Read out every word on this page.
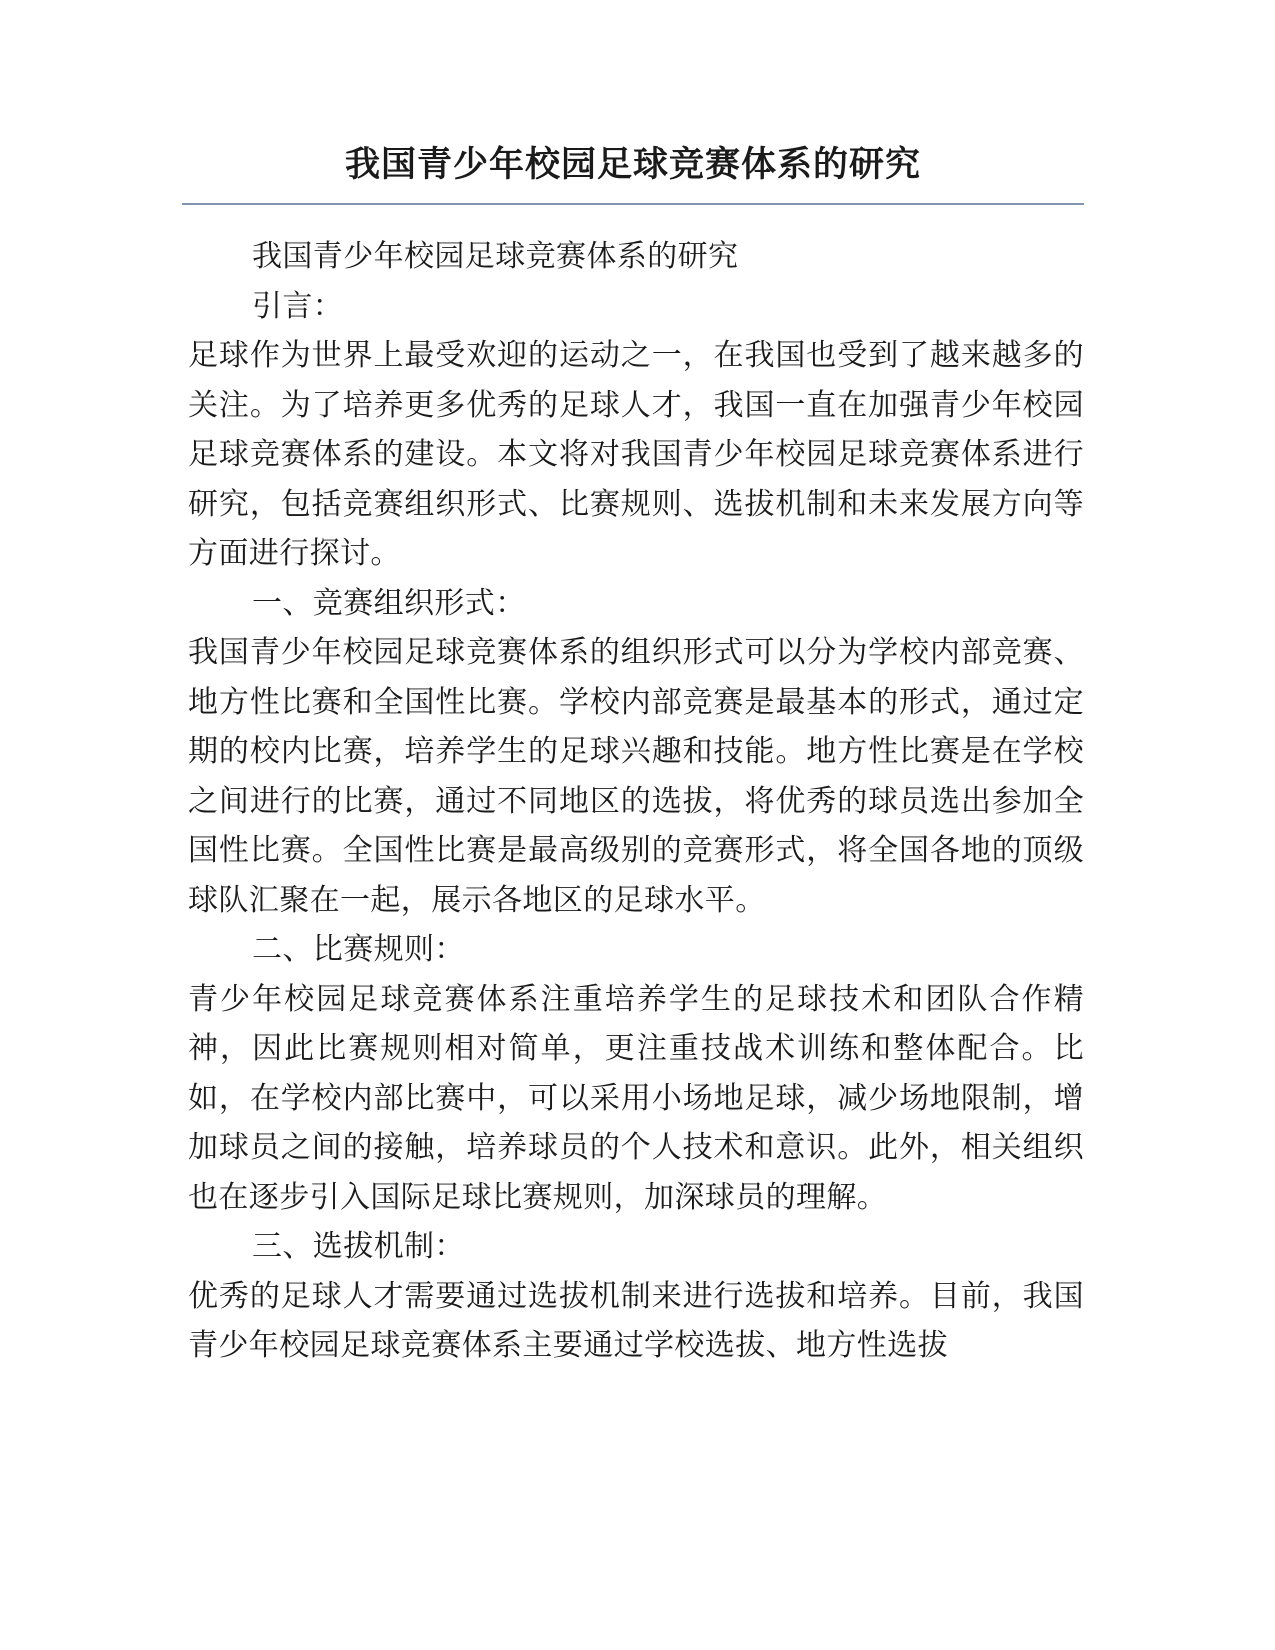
我国青少年校园足球竞赛体系的研究

我国青少年校园足球竞赛体系的研究

引言：

足球作为世界上最受欢迎的运动之一，在我国也受到了越来越多的关注。为了培养更多优秀的足球人才，我国一直在加强青少年校园足球竞赛体系的建设。本文将对我国青少年校园足球竞赛体系进行研究，包括竞赛组织形式、比赛规则、选拔机制和未来发展方向等方面进行探讨。

一、竞赛组织形式：

我国青少年校园足球竞赛体系的组织形式可以分为学校内部竞赛、地方性比赛和全国性比赛。学校内部竞赛是最基本的形式，通过定期的校内比赛，培养学生的足球兴趣和技能。地方性比赛是在学校之间进行的比赛，通过不同地区的选拔，将优秀的球员选出参加全国性比赛。全国性比赛是最高级别的竞赛形式，将全国各地的顶级球队汇聚在一起，展示各地区的足球水平。

二、比赛规则：

青少年校园足球竞赛体系注重培养学生的足球技术和团队合作精神，因此比赛规则相对简单，更注重技战术训练和整体配合。比如，在学校内部比赛中，可以采用小场地足球，减少场地限制，增加球员之间的接触，培养球员的个人技术和意识。此外，相关组织也在逐步引入国际足球比赛规则，加深球员的理解。

三、选拔机制：

优秀的足球人才需要通过选拔机制来进行选拔和培养。目前，我国青少年校园足球竞赛体系主要通过学校选拔、地方性选拔
